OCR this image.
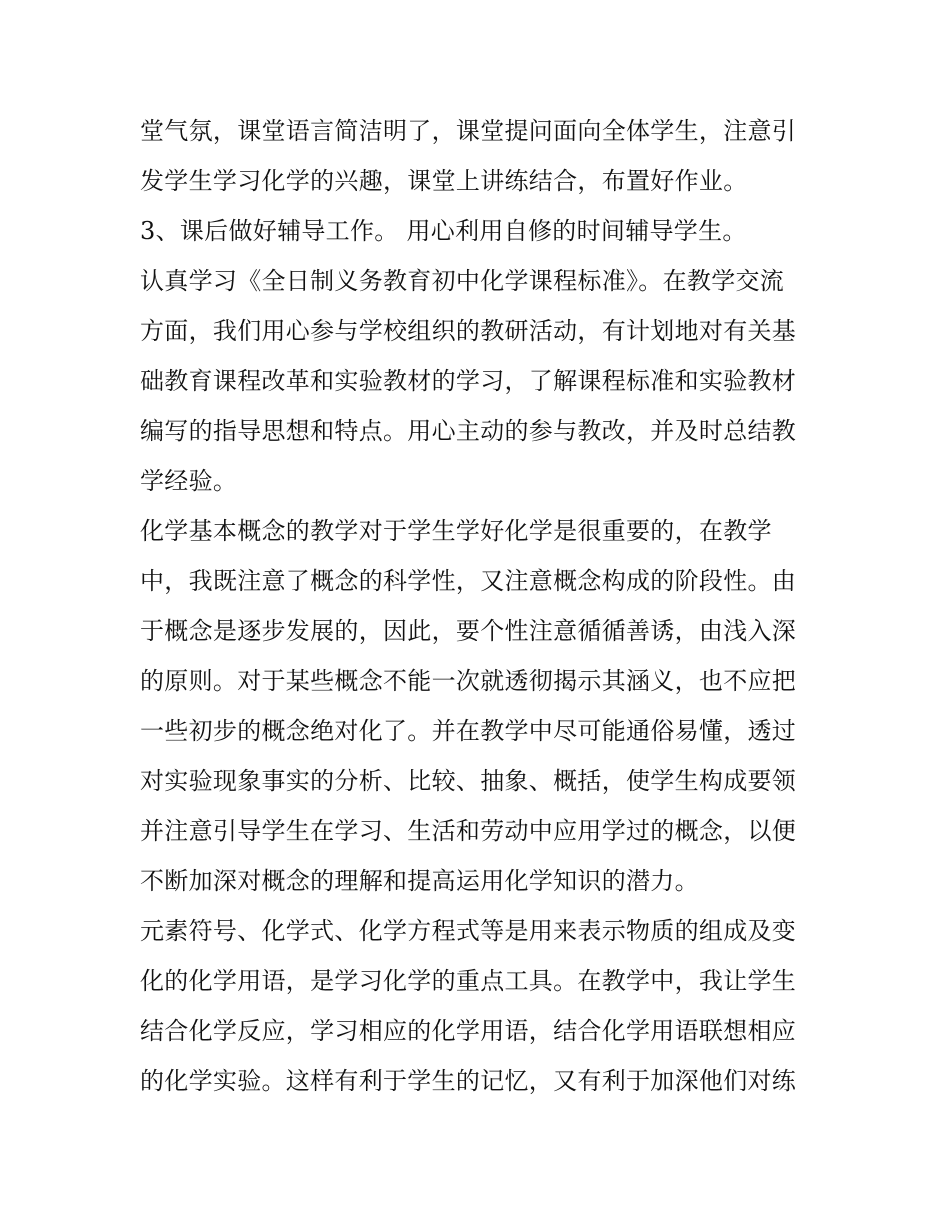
堂气氛，课堂语言简洁明了，课堂提问面向全体学生，注意引
发学生学习化学的兴趣，课堂上讲练结合，布置好作业。
3、课后做好辅导工作。 用心利用自修的时间辅导学生。
认真学习《全日制义务教育初中化学课程标准》。在教学交流
方面，我们用心参与学校组织的教研活动，有计划地对有关基
础教育课程改革和实验教材的学习，了解课程标准和实验教材
编写的指导思想和特点。用心主动的参与教改，并及时总结教
学经验。
化学基本概念的教学对于学生学好化学是很重要的，在教学
中，我既注意了概念的科学性，又注意概念构成的阶段性。由
于概念是逐步发展的，因此，要个性注意循循善诱，由浅入深
的原则。对于某些概念不能一次就透彻揭示其涵义，也不应把
一些初步的概念绝对化了。并在教学中尽可能通俗易懂，透过
对实验现象事实的分析、比较、抽象、概括，使学生构成要领
并注意引导学生在学习、生活和劳动中应用学过的概念，以便
不断加深对概念的理解和提高运用化学知识的潜力。
元素符号、化学式、化学方程式等是用来表示物质的组成及变
化的化学用语，是学习化学的重点工具。在教学中，我让学生
结合化学反应，学习相应的化学用语，结合化学用语联想相应
的化学实验。这样有利于学生的记忆，又有利于加深他们对练
